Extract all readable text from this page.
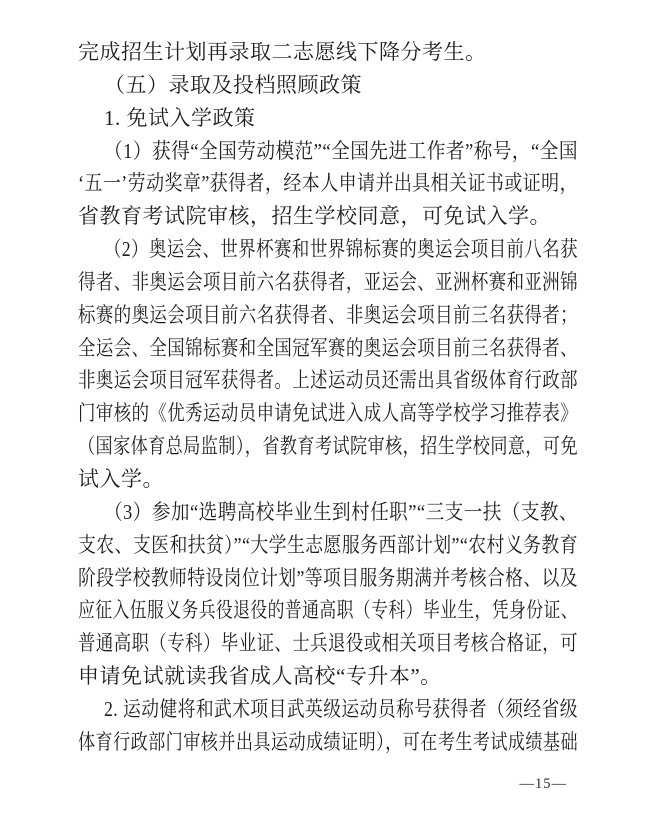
完成招生计划再录取二志愿线下降分考生。
（五）录取及投档照顾政策
1. 免试入学政策
（1）获得“全国劳动模范”“全国先进工作者”称号，“全国
‘五一’劳动奖章”获得者，经本人申请并出具相关证书或证明，
省教育考试院审核，招生学校同意，可免试入学。
（2）奥运会、世界杯赛和世界锦标赛的奥运会项目前八名获
得者、非奥运会项目前六名获得者，亚运会、亚洲杯赛和亚洲锦
标赛的奥运会项目前六名获得者、非奥运会项目前三名获得者；
全运会、全国锦标赛和全国冠军赛的奥运会项目前三名获得者、
非奥运会项目冠军获得者。上述运动员还需出具省级体育行政部
门审核的《优秀运动员申请免试进入成人高等学校学习推荐表》
（国家体育总局监制），省教育考试院审核，招生学校同意，可免
试入学。
（3）参加“选聘高校毕业生到村任职”“三支一扶（支教、
支农、支医和扶贫）”“大学生志愿服务西部计划”“农村义务教育
阶段学校教师特设岗位计划”等项目服务期满并考核合格、以及
应征入伍服义务兵役退役的普通高职（专科）毕业生，凭身份证、
普通高职（专科）毕业证、士兵退役或相关项目考核合格证，可
申请免试就读我省成人高校“专升本”。
2. 运动健将和武术项目武英级运动员称号获得者（须经省级
体育行政部门审核并出具运动成绩证明），可在考生考试成绩基础
—15—
